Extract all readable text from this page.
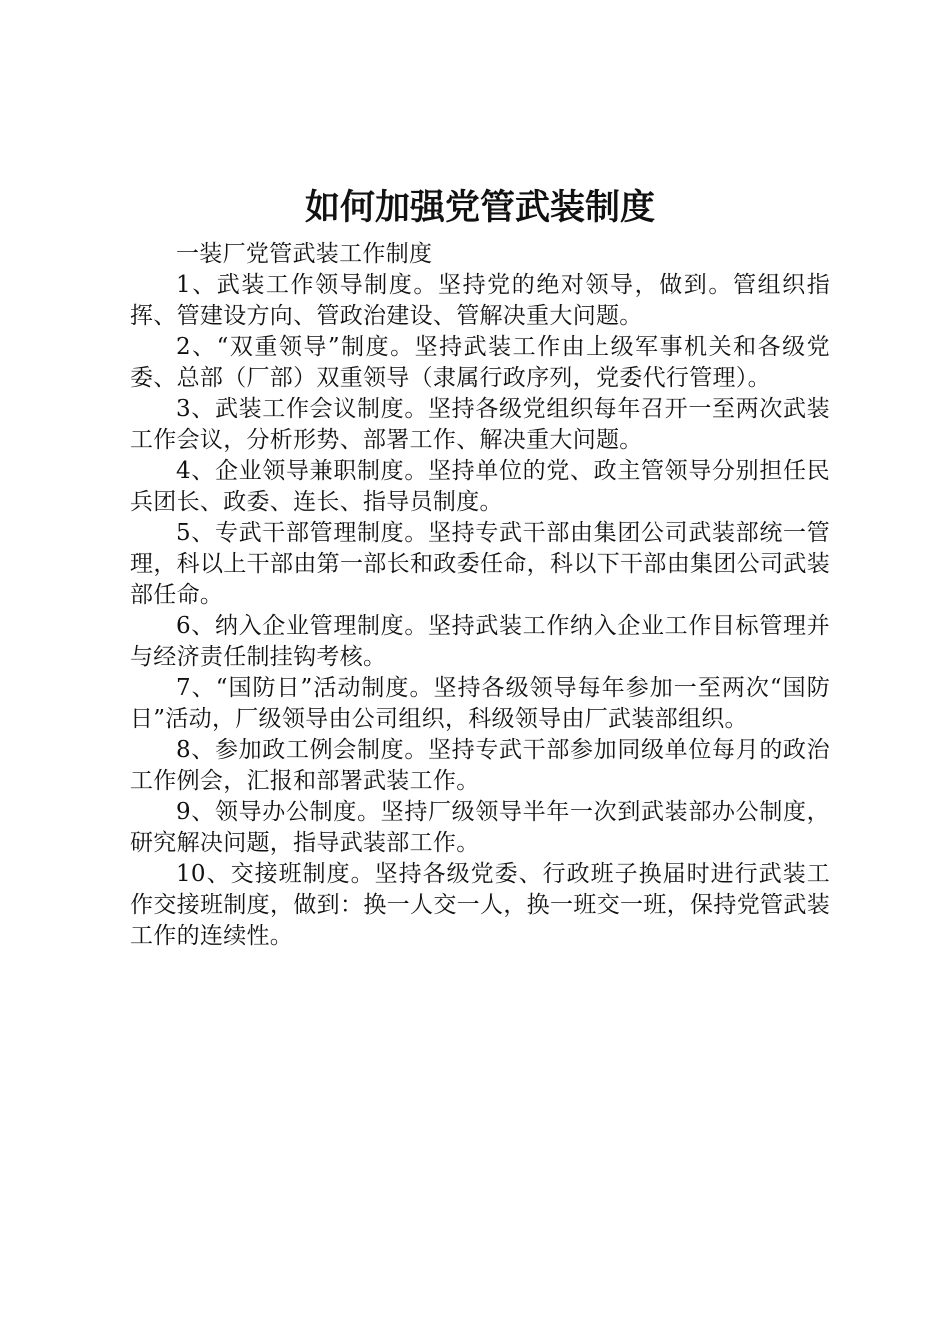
如何加强党管武装制度

一装厂党管武装工作制度

1、武装工作领导制度。坚持党的绝对领导，做到。管组织指挥、管建设方向、管政治建设、管解决重大问题。

2、“双重领导”制度。坚持武装工作由上级军事机关和各级党委、总部（厂部）双重领导（隶属行政序列，党委代行管理）。

3、武装工作会议制度。坚持各级党组织每年召开一至两次武装工作会议，分析形势、部署工作、解决重大问题。

4、企业领导兼职制度。坚持单位的党、政主管领导分别担任民兵团长、政委、连长、指导员制度。

5、专武干部管理制度。坚持专武干部由集团公司武装部统一管理，科以上干部由第一部长和政委任命，科以下干部由集团公司武装部任命。

6、纳入企业管理制度。坚持武装工作纳入企业工作目标管理并与经济责任制挂钩考核。

7、“国防日”活动制度。坚持各级领导每年参加一至两次“国防日”活动，厂级领导由公司组织，科级领导由厂武装部组织。

8、参加政工例会制度。坚持专武干部参加同级单位每月的政治工作例会，汇报和部署武装工作。

9、领导办公制度。坚持厂级领导半年一次到武装部办公制度，研究解决问题，指导武装部工作。

10、交接班制度。坚持各级党委、行政班子换届时进行武装工作交接班制度，做到：换一人交一人，换一班交一班，保持党管武装工作的连续性。
